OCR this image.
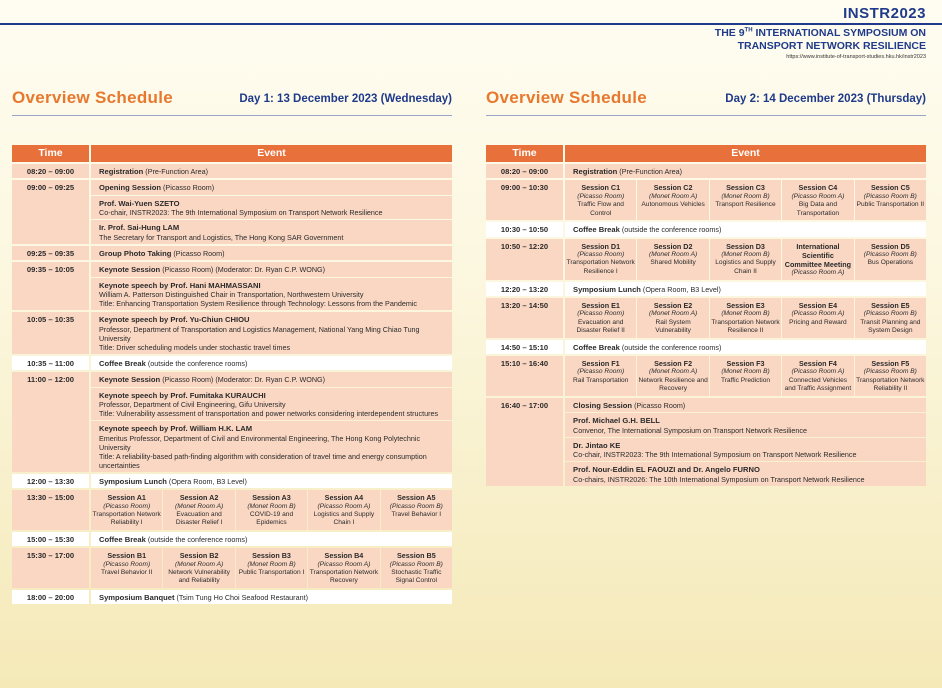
INSTR2023
THE 9TH INTERNATIONAL SYMPOSIUM ON
TRANSPORT NETWORK RESILIENCE
https://www.institute-of-transport-studies.hku.hk/instr2023
Overview Schedule	Day 1: 13 December 2023 (Wednesday)
Time	Event
08:20 – 09:00	Registration (Pre-Function Area)
09:00 – 09:25	Opening Session (Picasso Room)
Prof. Wai-Yuen SZETO
Co-chair, INSTR2023: The 9th International Symposium on Transport Network Resilience
Ir. Prof. Sai-Hung LAM
The Secretary for Transport and Logistics, The Hong Kong SAR Government
09:25 – 09:35	Group Photo Taking (Picasso Room)
09:35 – 10:05	Keynote Session (Picasso Room) (Moderator: Dr. Ryan C.P. WONG)
Keynote speech by Prof. Hani MAHMASSANI
William A. Patterson Distinguished Chair in Transportation, Northwestern University
Title: Enhancing Transportation System Resilience through Technology: Lessons from the Pandemic
10:05 – 10:35	Keynote speech by Prof. Yu-Chiun CHIOU
Professor, Department of Transportation and Logistics Management, National Yang Ming Chiao Tung University
Title: Driver scheduling models under stochastic travel times
10:35 – 11:00	Coffee Break (outside the conference rooms)
11:00 – 12:00	Keynote Session (Picasso Room) (Moderator: Dr. Ryan C.P. WONG)
Keynote speech by Prof. Fumitaka KURAUCHI
Professor, Department of Civil Engineering, Gifu University
Title: Vulnerability assessment of transportation and power networks considering interdependent structures
Keynote speech by Prof. William H.K. LAM
Emeritus Professor, Department of Civil and Environmental Engineering, The Hong Kong Polytechnic University
Title: A reliability-based path-finding algorithm with consideration of travel time and energy consumption uncertainties
12:00 – 13:30	Symposium Lunch (Opera Room, B3 Level)
13:30 – 15:00	Session A1
(Picasso Room)
Transportation Network Reliability I
Session A2
(Monet Room A)
Evacuation and Disaster Relief I
Session A3
(Monet Room B)
COVID-19 and Epidemics
Session A4
(Picasso Room A)
Logistics and Supply Chain I
Session A5
(Picasso Room B)
Travel Behavior I
15:00 – 15:30	Coffee Break (outside the conference rooms)
15:30 – 17:00	Session B1
(Picasso Room)
Travel Behavior II
Session B2
(Monet Room A)
Network Vulnerability and Reliability
Session B3
(Monet Room B)
Public Transportation I
Session B4
(Picasso Room A)
Transportation Network Recovery
Session B5
(Picasso Room B)
Stochastic Traffic Signal Control
18:00 – 20:00	Symposium Banquet (Tsim Tung Ho Choi Seafood Restaurant)
Overview Schedule	Day 2: 14 December 2023 (Thursday)
Time	Event
08:20 – 09:00	Registration (Pre-Function Area)
09:00 – 10:30	Session C1
(Picasso Room)
Traffic Flow and Control
Session C2
(Monet Room A)
Autonomous Vehicles
Session C3
(Monet Room B)
Transport Resilience
Session C4
(Picasso Room A)
Big Data and Transportation
Session C5
(Picasso Room B)
Public Transportation II
10:30 – 10:50	Coffee Break (outside the conference rooms)
10:50 – 12:20	Session D1
(Picasso Room)
Transportation Network Resilience I
Session D2
(Monet Room A)
Shared Mobility
Session D3
(Monet Room B)
Logistics and Supply Chain II
International Scientific Committee Meeting
(Picasso Room A)
Session D5
(Picasso Room B)
Bus Operations
12:20 – 13:20	Symposium Lunch (Opera Room, B3 Level)
13:20 – 14:50	Session E1
(Picasso Room)
Evacuation and Disaster Relief II
Session E2
(Monet Room A)
Rail System Vulnerability
Session E3
(Monet Room B)
Transportation Network Resilience II
Session E4
(Picasso Room A)
Pricing and Reward
Session E5
(Picasso Room B)
Transit Planning and System Design
14:50 – 15:10	Coffee Break (outside the conference rooms)
15:10 – 16:40	Session F1
(Picasso Room)
Rail Transportation
Session F2
(Monet Room A)
Network Resilience and Recovery
Session F3
(Monet Room B)
Traffic Prediction
Session F4
(Picasso Room A)
Connected Vehicles and Traffic Assignment
Session F5
(Picasso Room B)
Transportation Network Reliability II
16:40 – 17:00	Closing Session (Picasso Room)
Prof. Michael G.H. BELL
Convenor, The International Symposium on Transport Network Resilience
Dr. Jintao KE
Co-chair, INSTR2023: The 9th International Symposium on Transport Network Resilience
Prof. Nour-Eddin EL FAOUZI and Dr. Angelo FURNO
Co-chairs, INSTR2026: The 10th International Symposium on Transport Network Resilience
